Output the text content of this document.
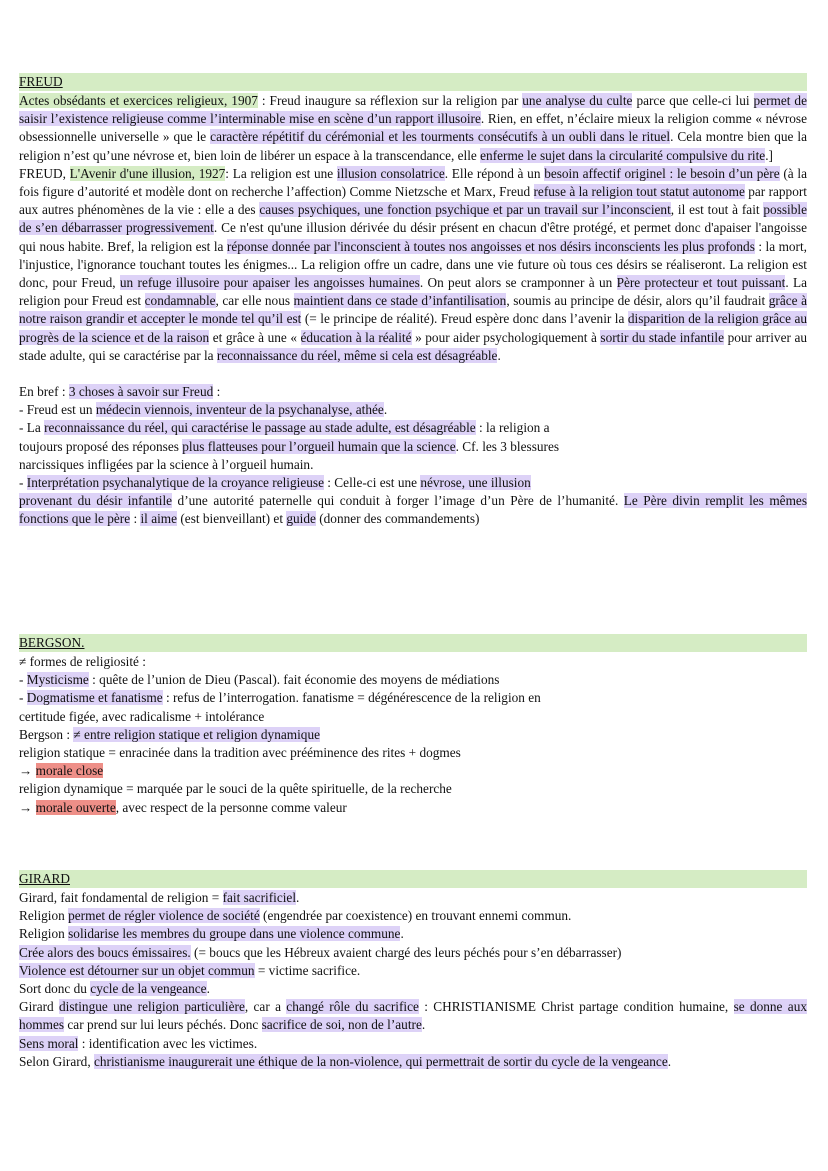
FREUD
Actes obsédants et exercices religieux, 1907 : Freud inaugure sa réflexion sur la religion par une analyse du culte parce que celle-ci lui permet de saisir l’existence religieuse comme l’interminable mise en scène d’un rapport illusoire. Rien, en effet, n’éclaire mieux la religion comme « névrose obsessionnelle universelle » que le caractère répétitif du cérémonial et les tourments consécutifs à un oubli dans le rituel. Cela montre bien que la religion n’est qu’une névrose et, bien loin de libérer un espace à la transcendance, elle enferme le sujet dans la circularité compulsive du rite.]
FREUD, L'Avenir d'une illusion, 1927: La religion est une illusion consolatrice. Elle répond à un besoin affectif originel : le besoin d’un père (à la fois figure d’autorité et modèle dont on recherche l’affection) Comme Nietzsche et Marx, Freud refuse à la religion tout statut autonome par rapport aux autres phénomènes de la vie : elle a des causes psychiques, une fonction psychique et par un travail sur l’inconscient, il est tout à fait possible de s’en débarrasser progressivement. Ce n'est qu'une illusion dérivée du désir présent en chacun d'être protégé, et permet donc d'apaiser l'angoisse qui nous habite. Bref, la religion est la réponse donnée par l'inconscient à toutes nos angoisses et nos désirs inconscients les plus profonds : la mort, l'injustice, l'ignorance touchant toutes les énigmes... La religion offre un cadre, dans une vie future où tous ces désirs se réaliseront. La religion est donc, pour Freud, un refuge illusoire pour apaiser les angoisses humaines. On peut alors se cramponner à un Père protecteur et tout puissant. La religion pour Freud est condamnable, car elle nous maintient dans ce stade d’infantilisation, soumis au principe de désir, alors qu’il faudrait grâce à notre raison grandir et accepter le monde tel qu’il est (= le principe de réalité). Freud espère donc dans l’avenir la disparition de la religion grâce au progrès de la science et de la raison et grâce à une « éducation à la réalité » pour aider psychologiquement à sortir du stade infantile pour arriver au stade adulte, qui se caractérise par la reconnaissance du réel, même si cela est désagréable.
En bref : 3 choses à savoir sur Freud :
- Freud est un médecin viennois, inventeur de la psychanalyse, athée.
- La reconnaissance du réel, qui caractérise le passage au stade adulte, est désagréable : la religion a
toujours proposé des réponses plus flatteuses pour l’orgueil humain que la science. Cf. les 3 blessures
narcissiques infligées par la science à l’orgueil humain.
- Interprétation psychanalytique de la croyance religieuse : Celle-ci est une névrose, une illusion
provenant du désir infantile d’une autorité paternelle qui conduit à forger l’image d’un Père de l’humanité. Le Père divin remplit les mêmes fonctions que le père : il aime (est bienveillant) et guide (donner des commandements)
BERGSON.
≠ formes de religiosité :
- Mysticisme : quête de l’union de Dieu (Pascal). fait économie des moyens de médiations
- Dogmatisme et fanatisme : refus de l’interrogation. fanatisme = dégénérescence de la religion en
certitude figée, avec radicalisme + intolérance
Bergson : ≠ entre religion statique et religion dynamique
religion statique = enracinée dans la tradition avec prééminence des rites + dogmes
→ morale close
religion dynamique = marquée par le souci de la quête spirituelle, de la recherche
→ morale ouverte, avec respect de la personne comme valeur
GIRARD
Girard, fait fondamental de religion = fait sacrificiel.
Religion permet de régler violence de société (engendrée par coexistence) en trouvant ennemi commun.
Religion solidarise les membres du groupe dans une violence commune.
Crée alors des boucs émissaires. (= boucs que les Hébreux avaient chargé des leurs péchés pour s’en débarrasser)
Violence est détourner sur un objet commun = victime sacrifice.
Sort donc du cycle de la vengeance.
Girard distingue une religion particulière, car a changé rôle du sacrifice : CHRISTIANISME Christ partage condition humaine, se donne aux hommes car prend sur lui leurs péchés. Donc sacrifice de soi, non de l’autre.
Sens moral : identification avec les victimes.
Selon Girard, christianisme inaugurerait une éthique de la non-violence, qui permettrait de sortir du cycle de la vengeance.
